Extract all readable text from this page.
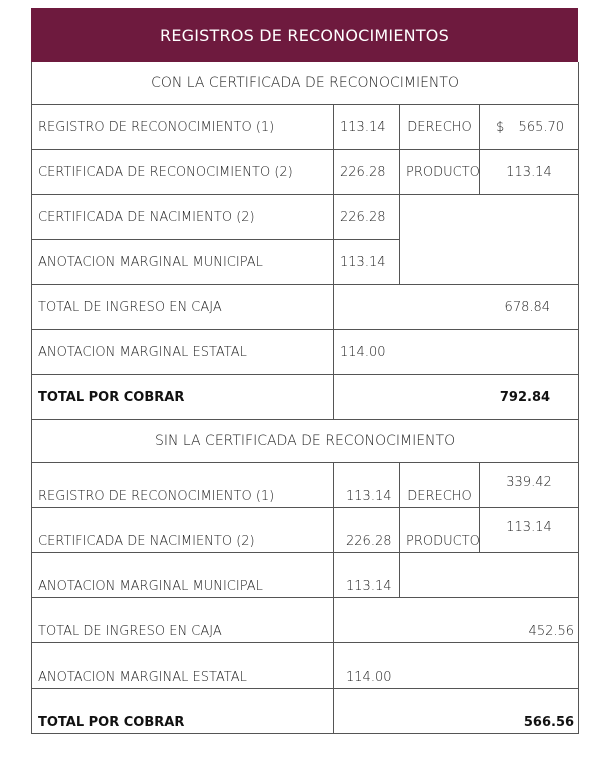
REGISTROS DE RECONOCIMIENTOS
CON LA CERTIFICADA DE RECONOCIMIENTO			
REGISTRO DE RECONOCIMIENTO (1)	113.14	DERECHO	$ 565.70

CERTIFICADA DE RECONOCIMIENTO (2)	226.28	PRODUCTO	113.14
CERTIFICADA DE NACIMIENTO (2)	226.28		
ANOTACION MARGINAL MUNICIPAL	113.14		
TOTAL DE INGRESO EN CAJA	678.84		
ANOTACION MARGINAL ESTATAL	114.00		
TOTAL POR COBRAR	792.84		
SIN LA CERTIFICADA DE RECONOCIMIENTO			
REGISTRO DE RECONOCIMIENTO (1)	113.14	DERECHO	339.42
CERTIFICADA DE NACIMIENTO (2)	226.28	PRODUCTO	113.14
ANOTACION MARGINAL MUNICIPAL	113.14		
TOTAL DE INGRESO EN CAJA	452.56		
ANOTACION MARGINAL ESTATAL	114.00		
TOTAL POR COBRAR	566.56		
